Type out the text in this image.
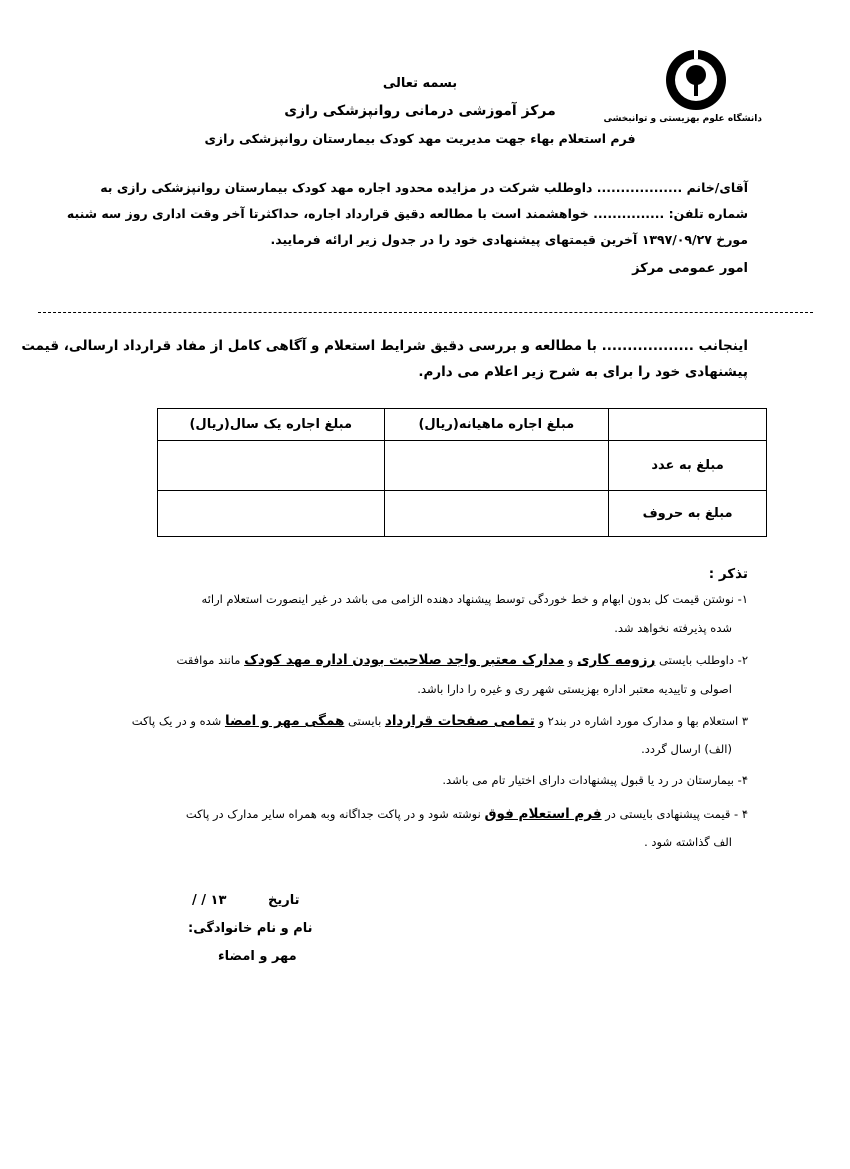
دانشگاه علوم بهزیستی و توانبخشی
بسمه تعالی
مرکز آموزشی درمانی روانپزشکی رازی
فرم استعلام بهاء جهت مدیریت مهد کودک بیمارستان روانپزشکی رازی
آقای/خانم .................. داوطلب شرکت در مزایده محدود اجاره مهد کودک بیمارستان روانپزشکی رازی به
شماره تلفن: ............... خواهشمند است با مطالعه دقیق قرارداد اجاره، حداکثرتا آخر وقت اداری روز سه شنبه
مورخ ۱۳۹۷/۰۹/۲۷ آخرین قیمتهای پیشنهادی خود را در جدول زیر ارائه فرمایید.
امور عمومی مرکز
اینجانب .................. با مطالعه و بررسی دقیق شرایط استعلام و آگاهی کامل از مفاد قرارداد ارسالی، قیمت
پیشنهادی خود را برای به شرح زیر اعلام می دارم.
	مبلغ اجاره ماهیانه(ریال)	مبلغ اجاره یک سال(ریال)
مبلغ به عدد		
مبلغ به حروف		
تذکر :
۱- نوشتن قیمت کل بدون ابهام و خط خوردگی توسط پیشنهاد دهنده الزامی می باشد در غیر اینصورت استعلام ارائه
شده پذیرفته نخواهد شد.
۲- داوطلب بایستی رزومه کاری و مدارک معتبر واجد صلاحیت بودن اداره مهد کودک مانند موافقت
اصولی و تاییدیه معتبر اداره بهزیستی شهر ری و غیره را دارا باشد.
۳ استعلام بها و مدارک مورد اشاره در بند۲ و تمامی صفحات قرارداد بایستی همگی مهر و امضا شده و در یک پاکت
(الف) ارسال گردد.
۴- بیمارستان در رد یا قبول پیشنهادات دارای اختیار تام می باشد.
۴ - قیمت پیشنهادی بایستی در فرم استعلام فوق نوشته شود و در پاکت جداگانه وبه همراه سایر مدارک در پاکت
الف گذاشته شود .
تاریخ
/ / ۱۳
نام و نام خانوادگی:
مهر و امضاء
